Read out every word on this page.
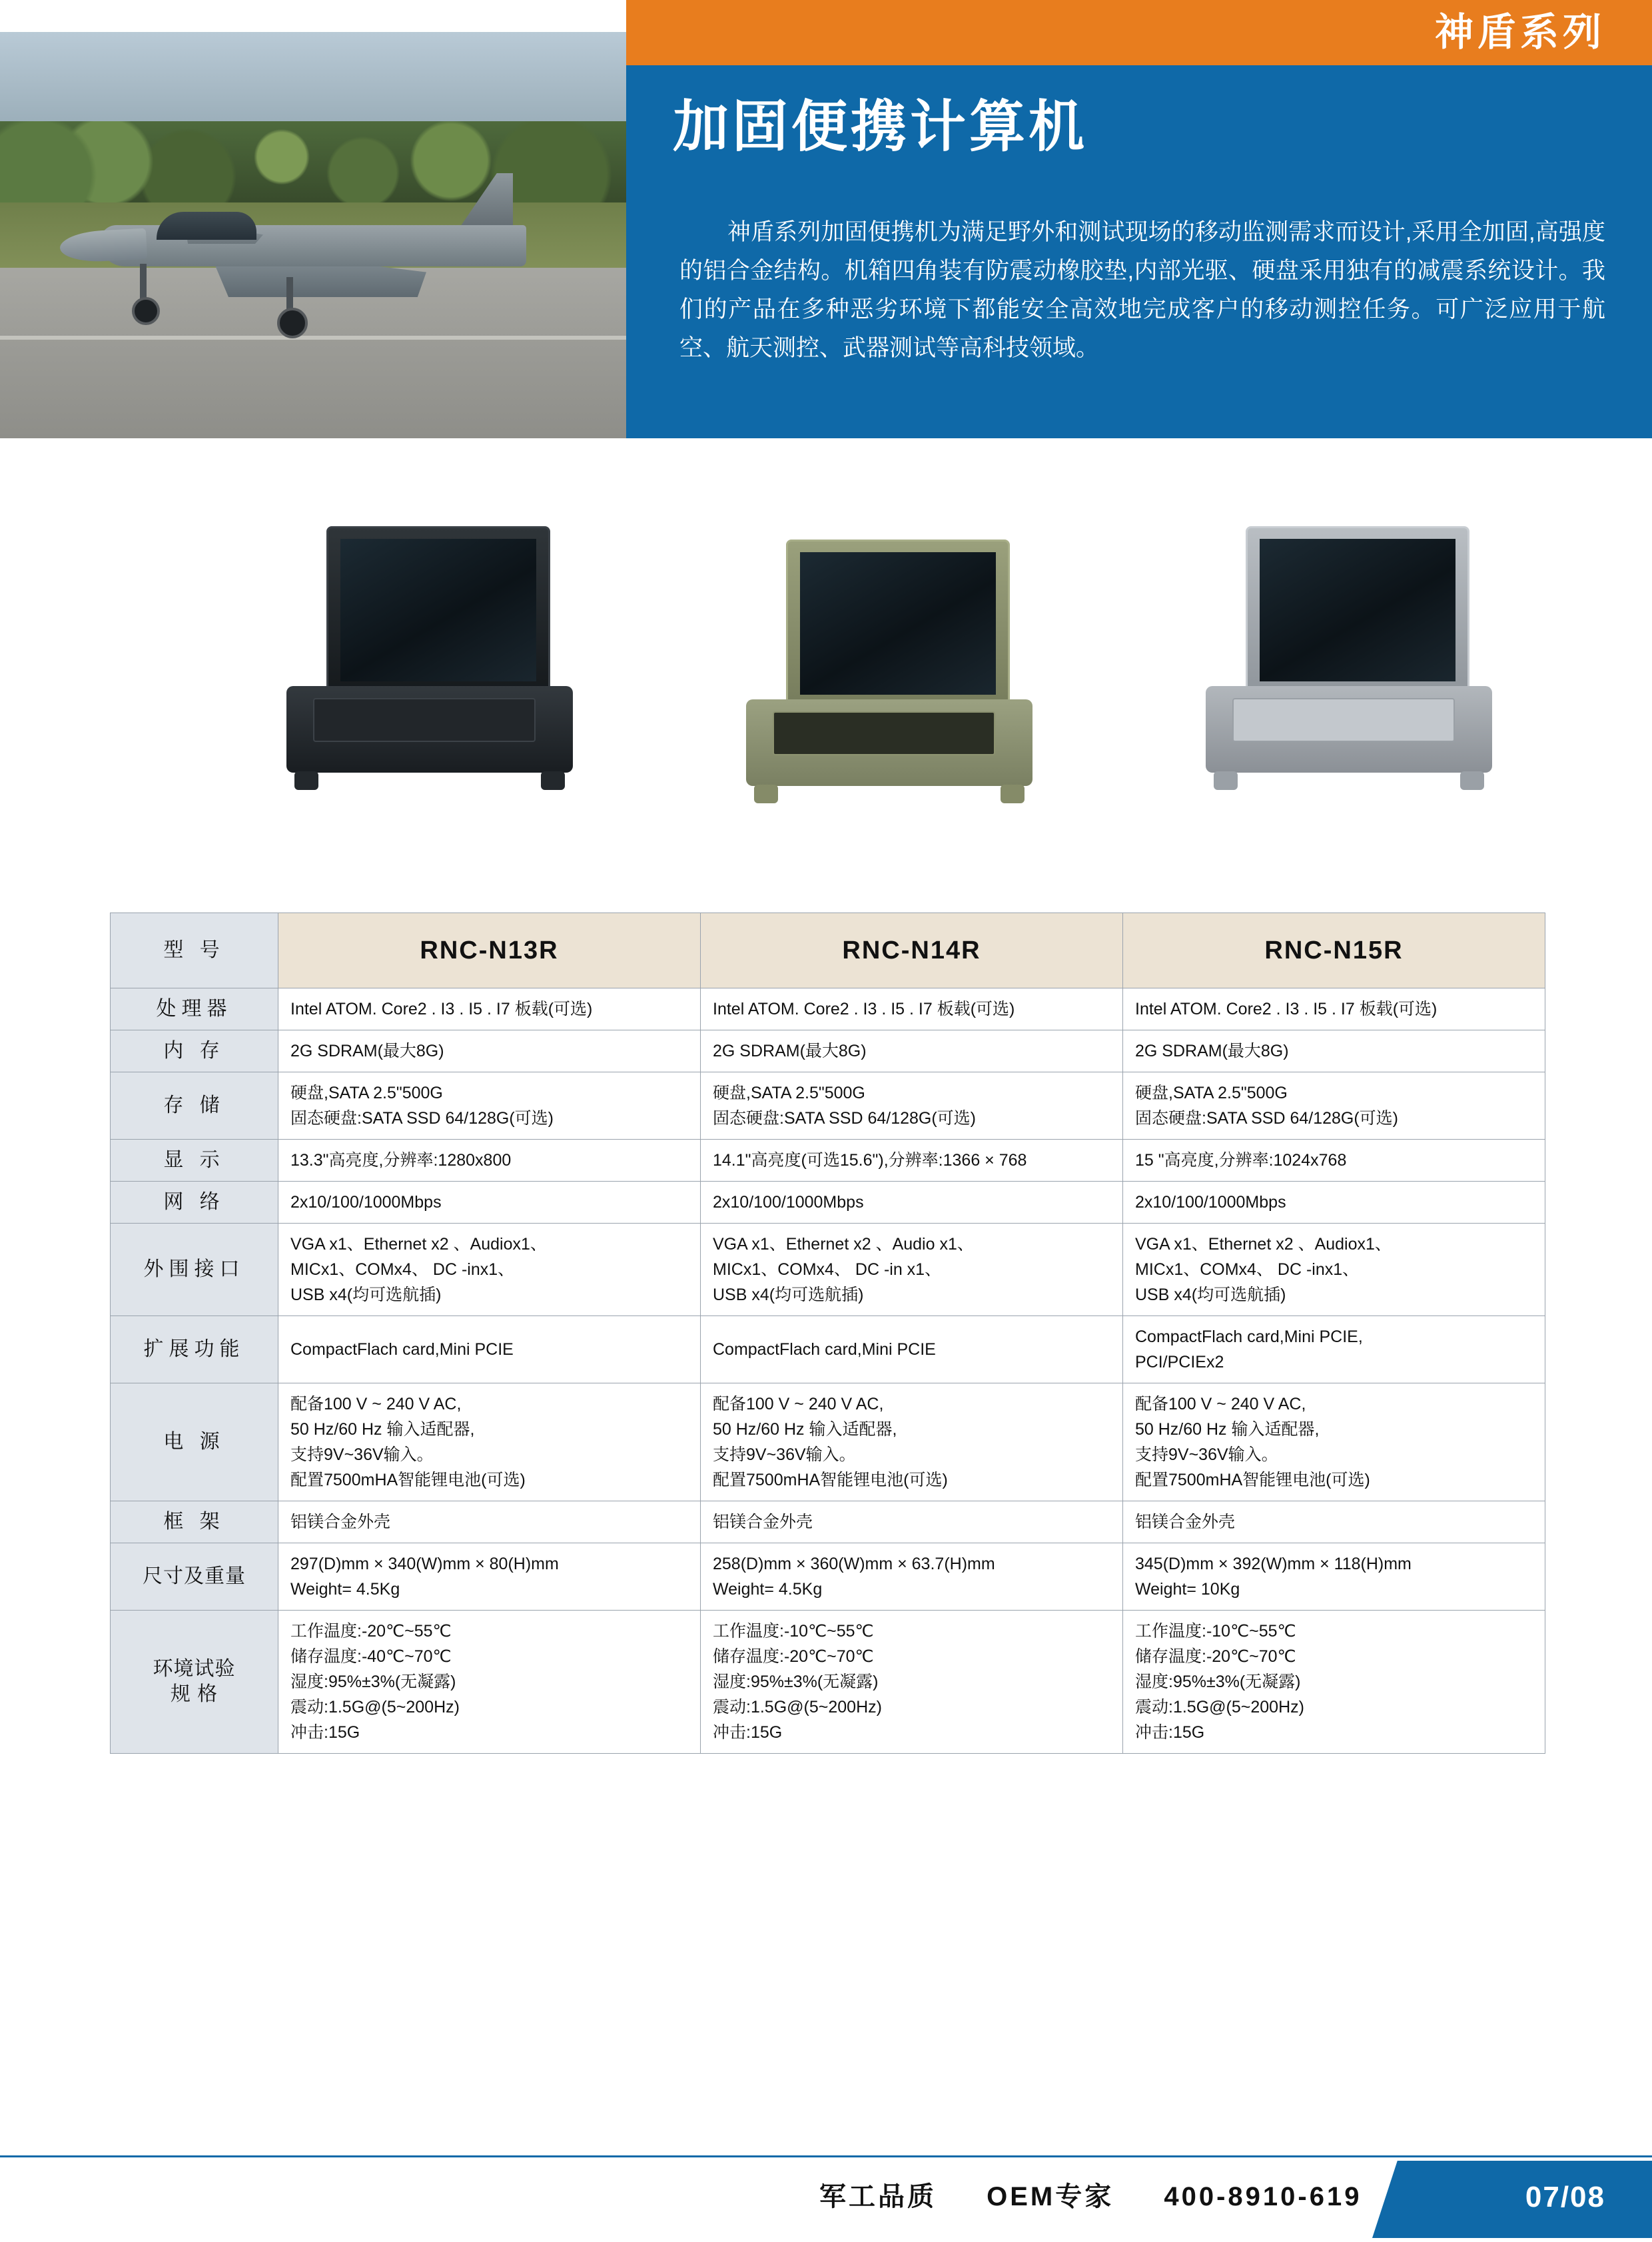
神盾系列
加固便携计算机
神盾系列加固便携机为满足野外和测试现场的移动监测需求而设计,采用全加固,高强度的铝合金结构。机箱四角装有防震动橡胶垫,内部光驱、硬盘采用独有的减震系统设计。我们的产品在多种恶劣环境下都能安全高效地完成客户的移动测控任务。可广泛应用于航空、航天测控、武器测试等高科技领域。
型 号	RNC-N13R	RNC-N14R	RNC-N15R

处理器	Intel ATOM. Core2 . I3 . I5 . I7 板载(可选)	Intel ATOM. Core2 . I3 . I5 . I7 板载(可选)	Intel ATOM. Core2 . I3 . I5 . I7 板载(可选)

内 存	2G SDRAM(最大8G)	2G SDRAM(最大8G)	2G SDRAM(最大8G)

存 储	硬盘,SATA 2.5"500G
固态硬盘:SATA SSD 64/128G(可选)	硬盘,SATA 2.5"500G
固态硬盘:SATA SSD 64/128G(可选)	硬盘,SATA 2.5"500G
固态硬盘:SATA SSD 64/128G(可选)

显 示	13.3"高亮度,分辨率:1280x800	14.1"高亮度(可选15.6"),分辨率:1366 × 768	15 "高亮度,分辨率:1024x768

网 络	2x10/100/1000Mbps	2x10/100/1000Mbps	2x10/100/1000Mbps

外围接口	VGA x1、Ethernet x2 、Audiox1、
MICx1、COMx4、 DC -inx1、
USB x4(均可选航插)	VGA x1、Ethernet x2 、Audio x1、
MICx1、COMx4、 DC -in x1、
USB x4(均可选航插)	VGA x1、Ethernet x2 、Audiox1、
MICx1、COMx4、 DC -inx1、
USB x4(均可选航插)

扩展功能	CompactFlach card,Mini PCIE	CompactFlach card,Mini PCIE	CompactFlach card,Mini PCIE,
PCI/PCIEx2

电 源	配备100 V ~ 240 V AC,
50 Hz/60 Hz 输入适配器,
支持9V~36V输入。
配置7500mHA智能锂电池(可选)	配备100 V ~ 240 V AC,
50 Hz/60 Hz 输入适配器,
支持9V~36V输入。
配置7500mHA智能锂电池(可选)	配备100 V ~ 240 V AC,
50 Hz/60 Hz 输入适配器,
支持9V~36V输入。
配置7500mHA智能锂电池(可选)

框 架	铝镁合金外壳	铝镁合金外壳	铝镁合金外壳

尺寸及重量	297(D)mm × 340(W)mm × 80(H)mm
Weight= 4.5Kg	258(D)mm × 360(W)mm × 63.7(H)mm
Weight= 4.5Kg	345(D)mm × 392(W)mm × 118(H)mm
Weight= 10Kg

环境试验
规 格	工作温度:-20℃~55℃
储存温度:-40℃~70℃
湿度:95%±3%(无凝露)
震动:1.5G@(5~200Hz)
冲击:15G	工作温度:-10℃~55℃
储存温度:-20℃~70℃
湿度:95%±3%(无凝露)
震动:1.5G@(5~200Hz)
冲击:15G	工作温度:-10℃~55℃
储存温度:-20℃~70℃
湿度:95%±3%(无凝露)
震动:1.5G@(5~200Hz)
冲击:15G
军工品质 OEM专家 400-8910-619	07/08
